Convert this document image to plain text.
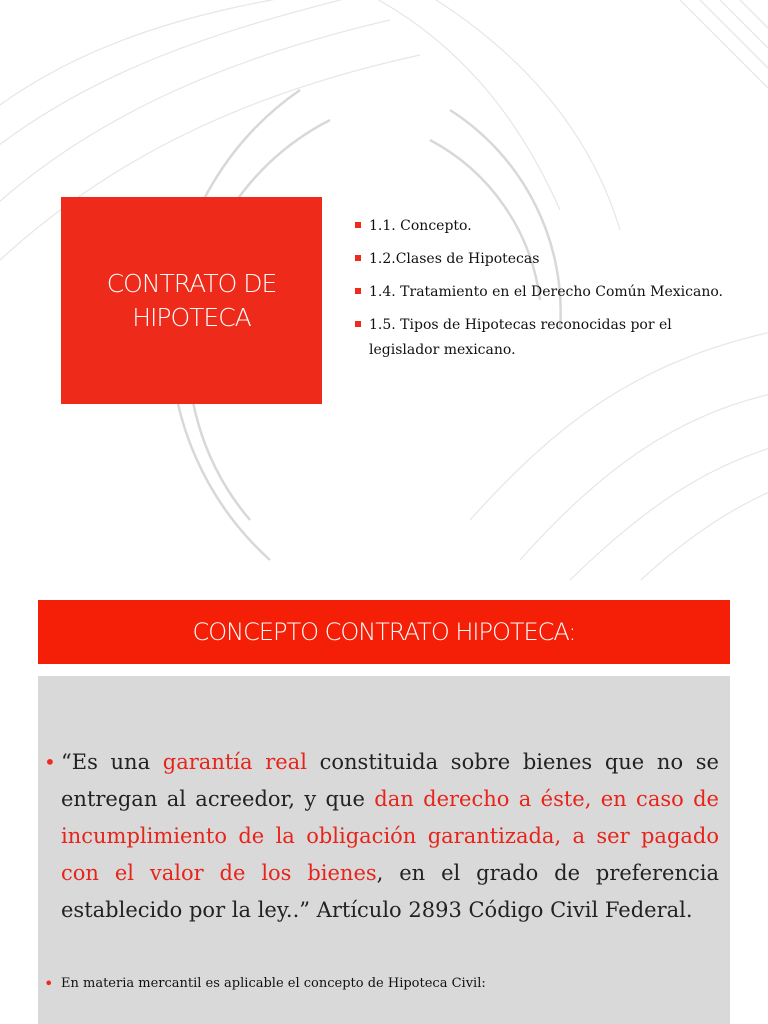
CONTRATO DE HIPOTECA
1.1. Concepto.
1.2.Clases de Hipotecas
1.4. Tratamiento en el Derecho Común Mexicano.
1.5. Tipos de Hipotecas reconocidas por el legislador mexicano.
CONCEPTO CONTRATO HIPOTECA:
• “Es una garantía real constituida sobre bienes que no se entregan al acreedor, y que dan derecho a éste, en caso de incumplimiento de la obligación garantizada, a ser pagado con el valor de los bienes, en el grado de preferencia establecido por la ley..” Artículo 2893 Código Civil Federal.
• En materia mercantil es aplicable el concepto de Hipoteca Civil:
